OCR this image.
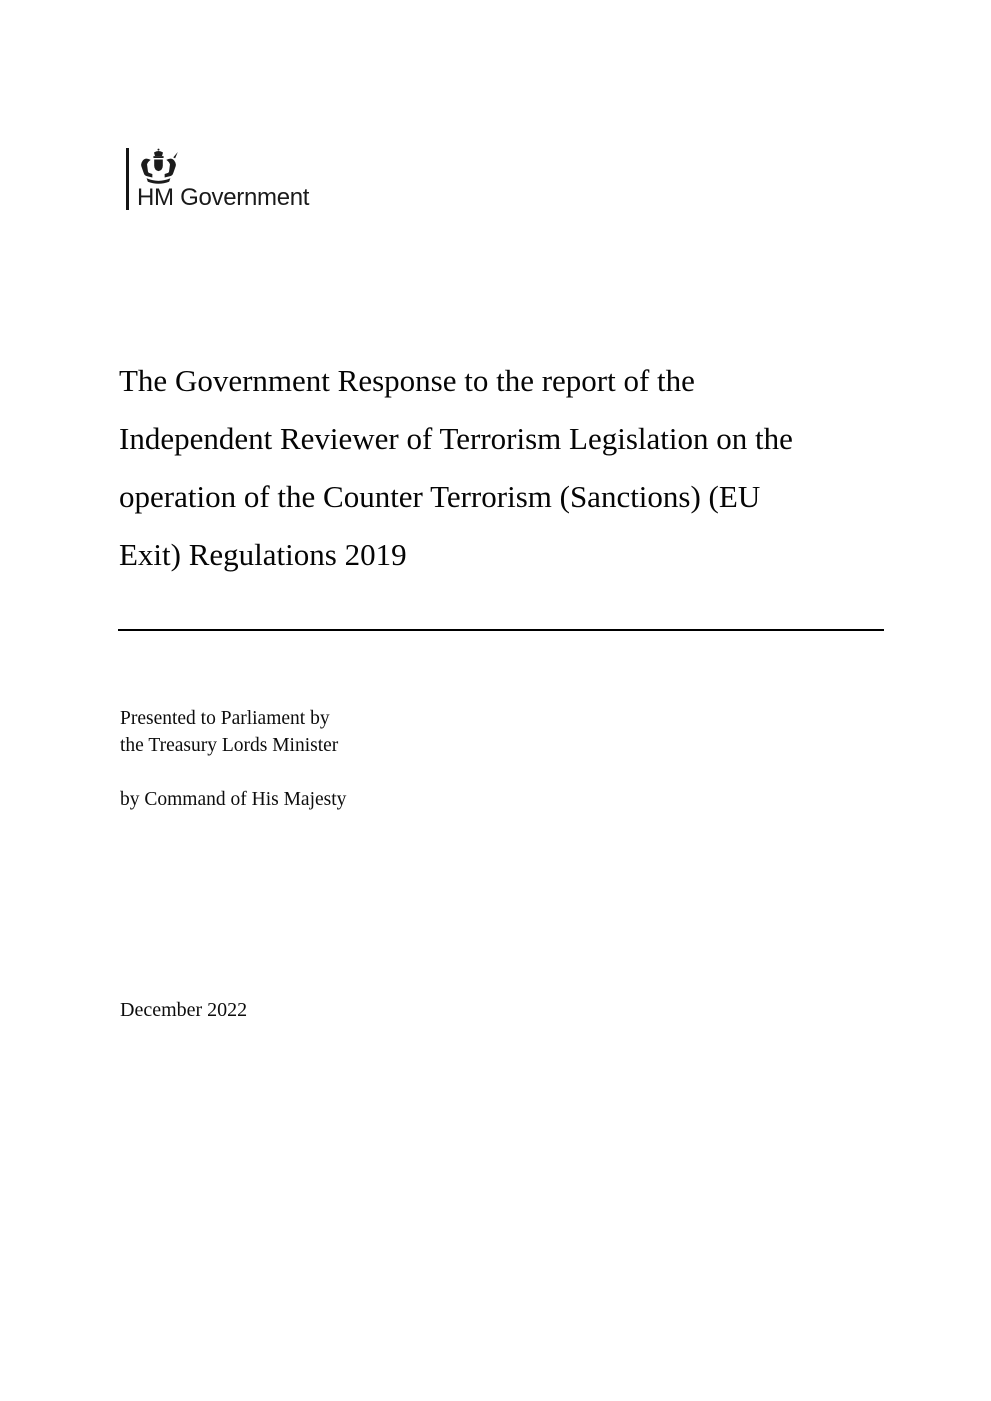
HM Government
The Government Response to the report of the
Independent Reviewer of Terrorism Legislation on the
operation of the Counter Terrorism (Sanctions) (EU
Exit) Regulations 2019

Presented to Parliament by
the Treasury Lords Minister

by Command of His Majesty

December 2022
